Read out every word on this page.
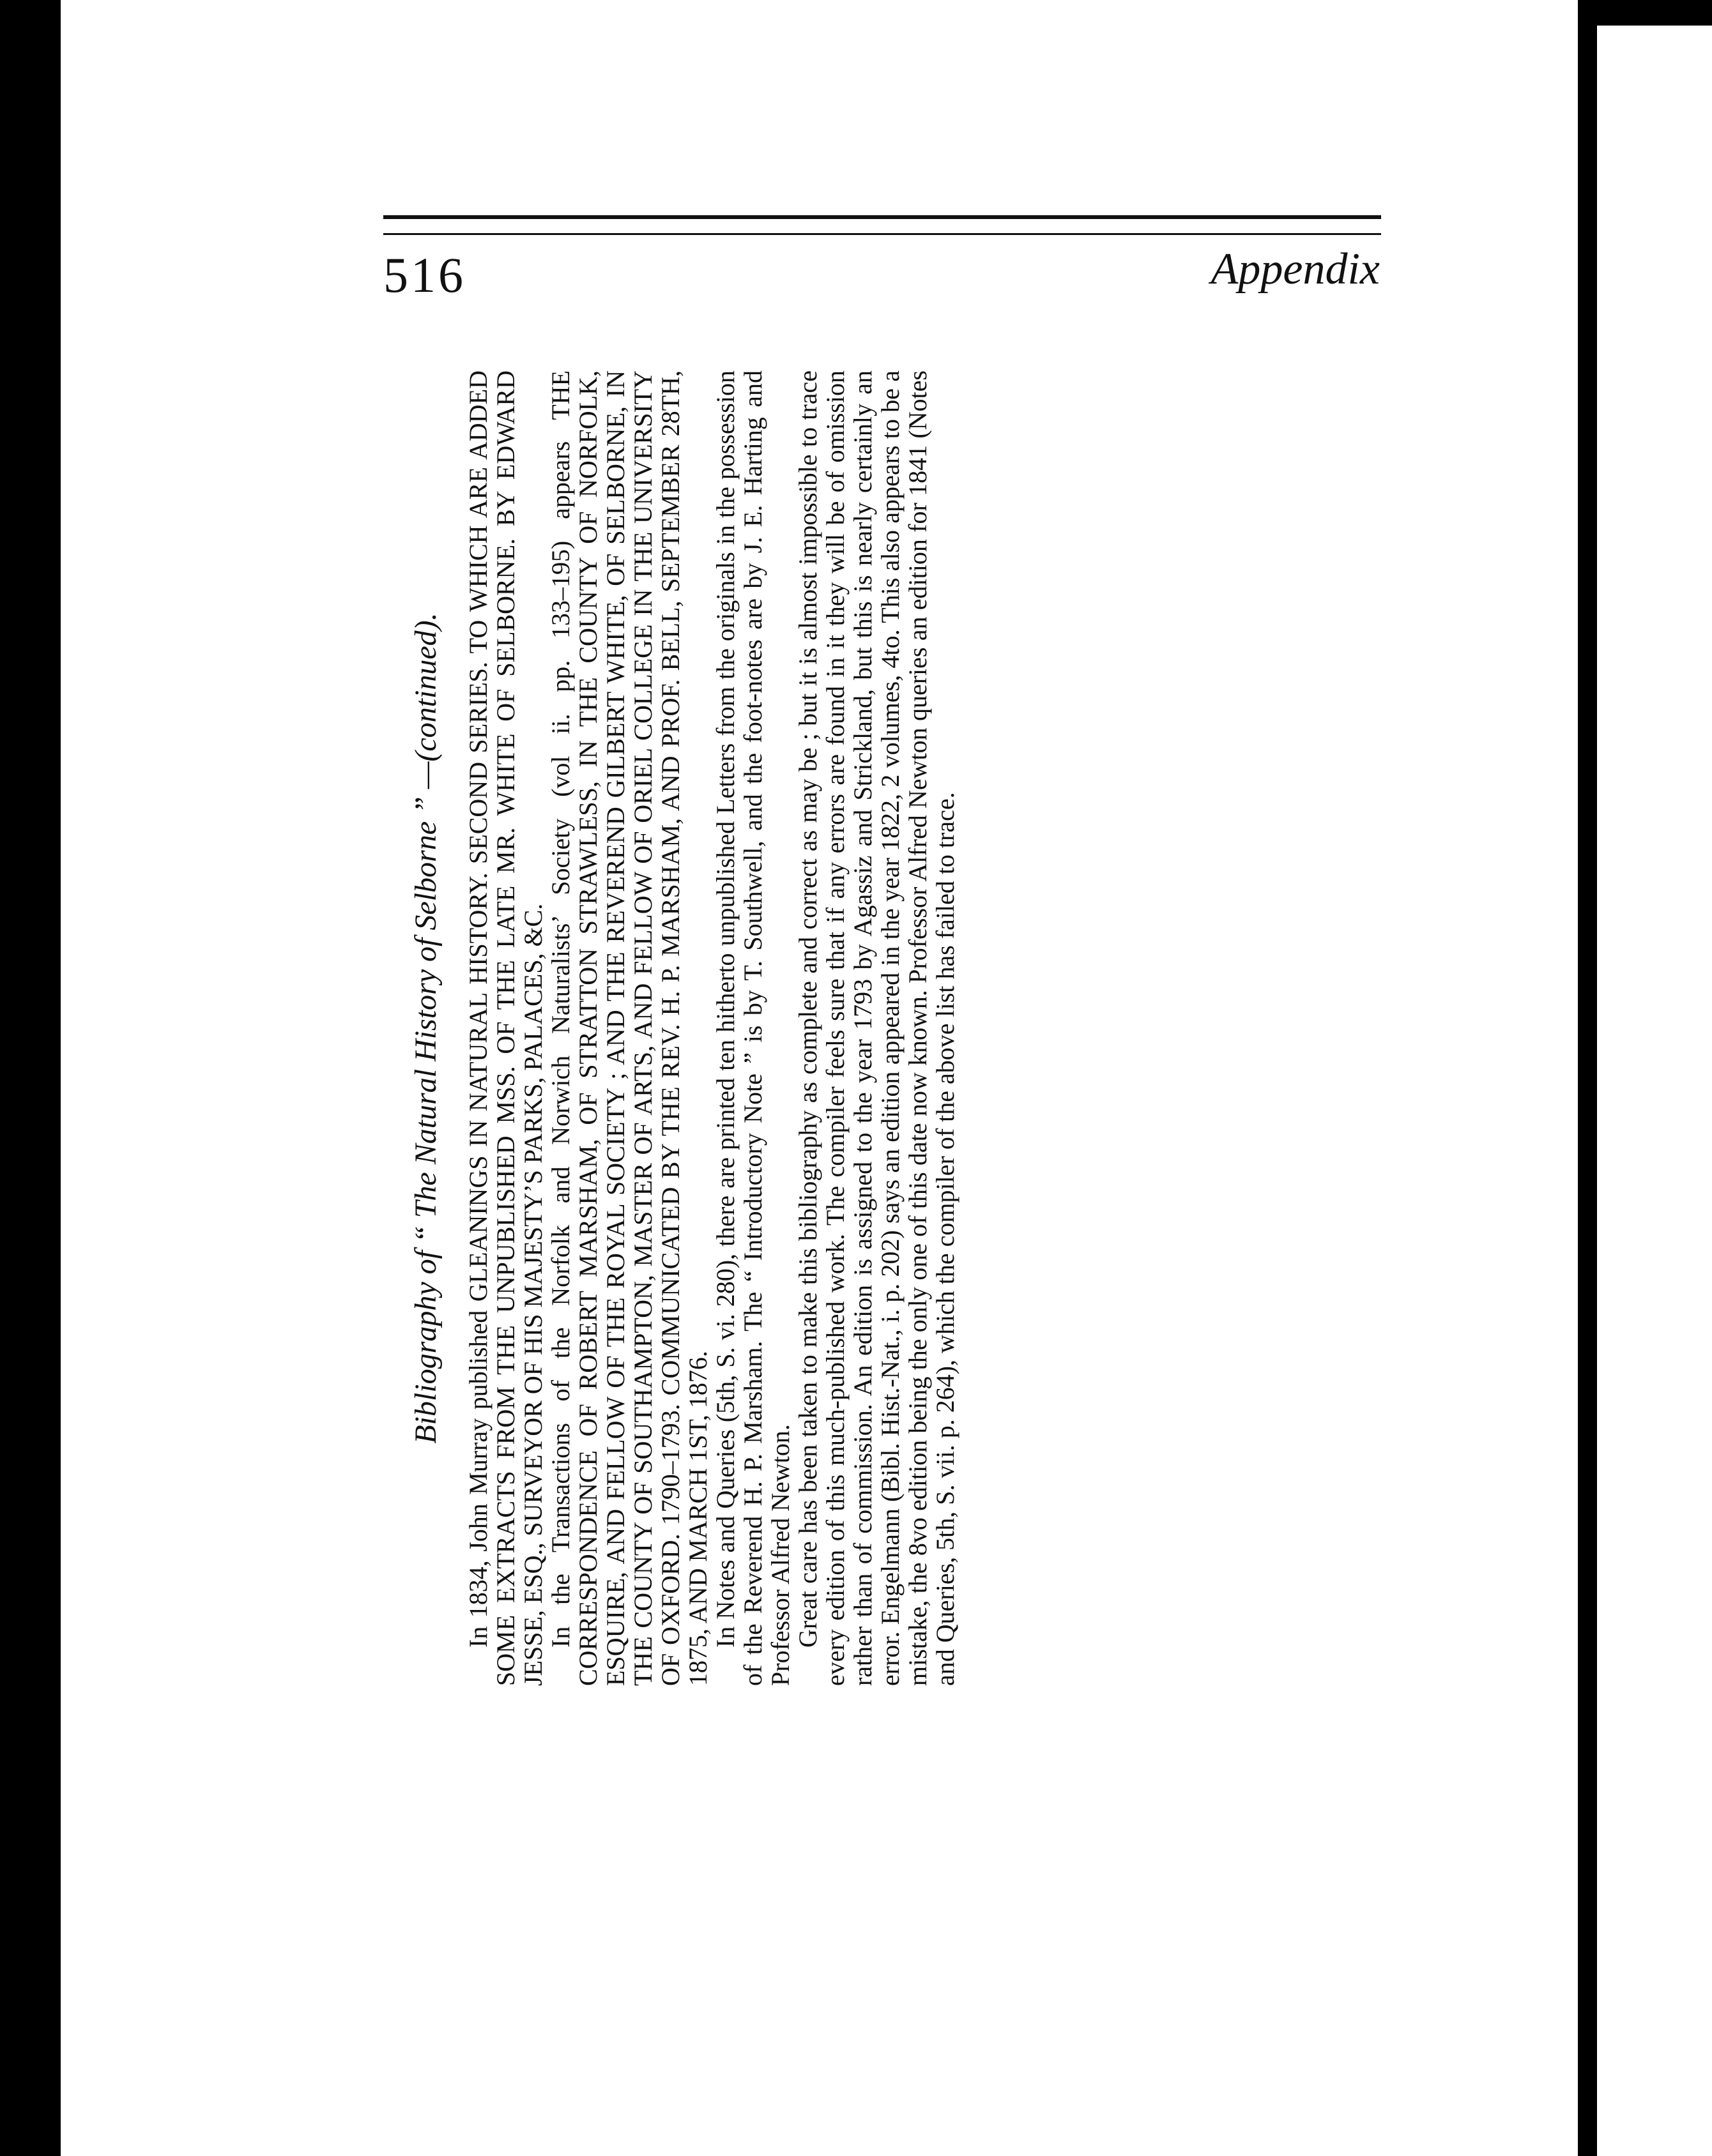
516	Appendix

Bibliography of “ The Natural History of Selborne ” —(continued). In 1834, John Murray published GLEANINGS IN NATURAL HISTORY. SECOND SERIES. TO WHICH ARE ADDED SOME EXTRACTS FROM THE UNPUBLISHED MSS. OF THE LATE MR. WHITE OF SELBORNE. BY EDWARD JESSE, ESQ., SURVEYOR OF HIS MAJESTY’S PARKS, PALACES, &C.

In the Transactions of the Norfolk and Norwich Naturalists’ Society (vol ii. pp. 133–195) appears THE CORRESPONDENCE OF ROBERT MARSHAM, OF STRATTON STRAWLESS, IN THE COUNTY OF NORFOLK, ESQUIRE, AND FELLOW OF THE ROYAL SOCIETY ; AND THE REVEREND GILBERT WHITE, OF SELBORNE, IN THE COUNTY OF SOUTHAMPTON, MASTER OF ARTS, AND FELLOW OF ORIEL COLLEGE IN THE UNIVERSITY OF OXFORD. 1790–1793. COMMUNICATED BY THE REV. H. P. MARSHAM, AND PROF. BELL, SEPTEMBER 28TH, 1875, AND MARCH 1ST, 1876.

In Notes and Queries (5th, S. vi. 280), there are printed ten hitherto unpublished Letters from the originals in the possession of the Reverend H. P. Marsham. The “ Introductory Note ” is by T. Southwell, and the foot-notes are by J. E. Harting and Professor Alfred Newton.

Great care has been taken to make this bibliography as complete and correct as may be ; but it is almost impossible to trace every edition of this much-published work. The compiler feels sure that if any errors are found in it they will be of omission rather than of commission. An edition is assigned to the year 1793 by Agassiz and Strickland, but this is nearly certainly an error. Engelmann (Bibl. Hist.-Nat., i. p. 202) says an edition appeared in the year 1822, 2 volumes, 4to. This also appears to be a mistake, the 8vo edition being the only one of this date now known. Professor Alfred Newton queries an edition for 1841 (Notes and Queries, 5th, S. vii. p. 264), which the compiler of the above list has failed to trace.
